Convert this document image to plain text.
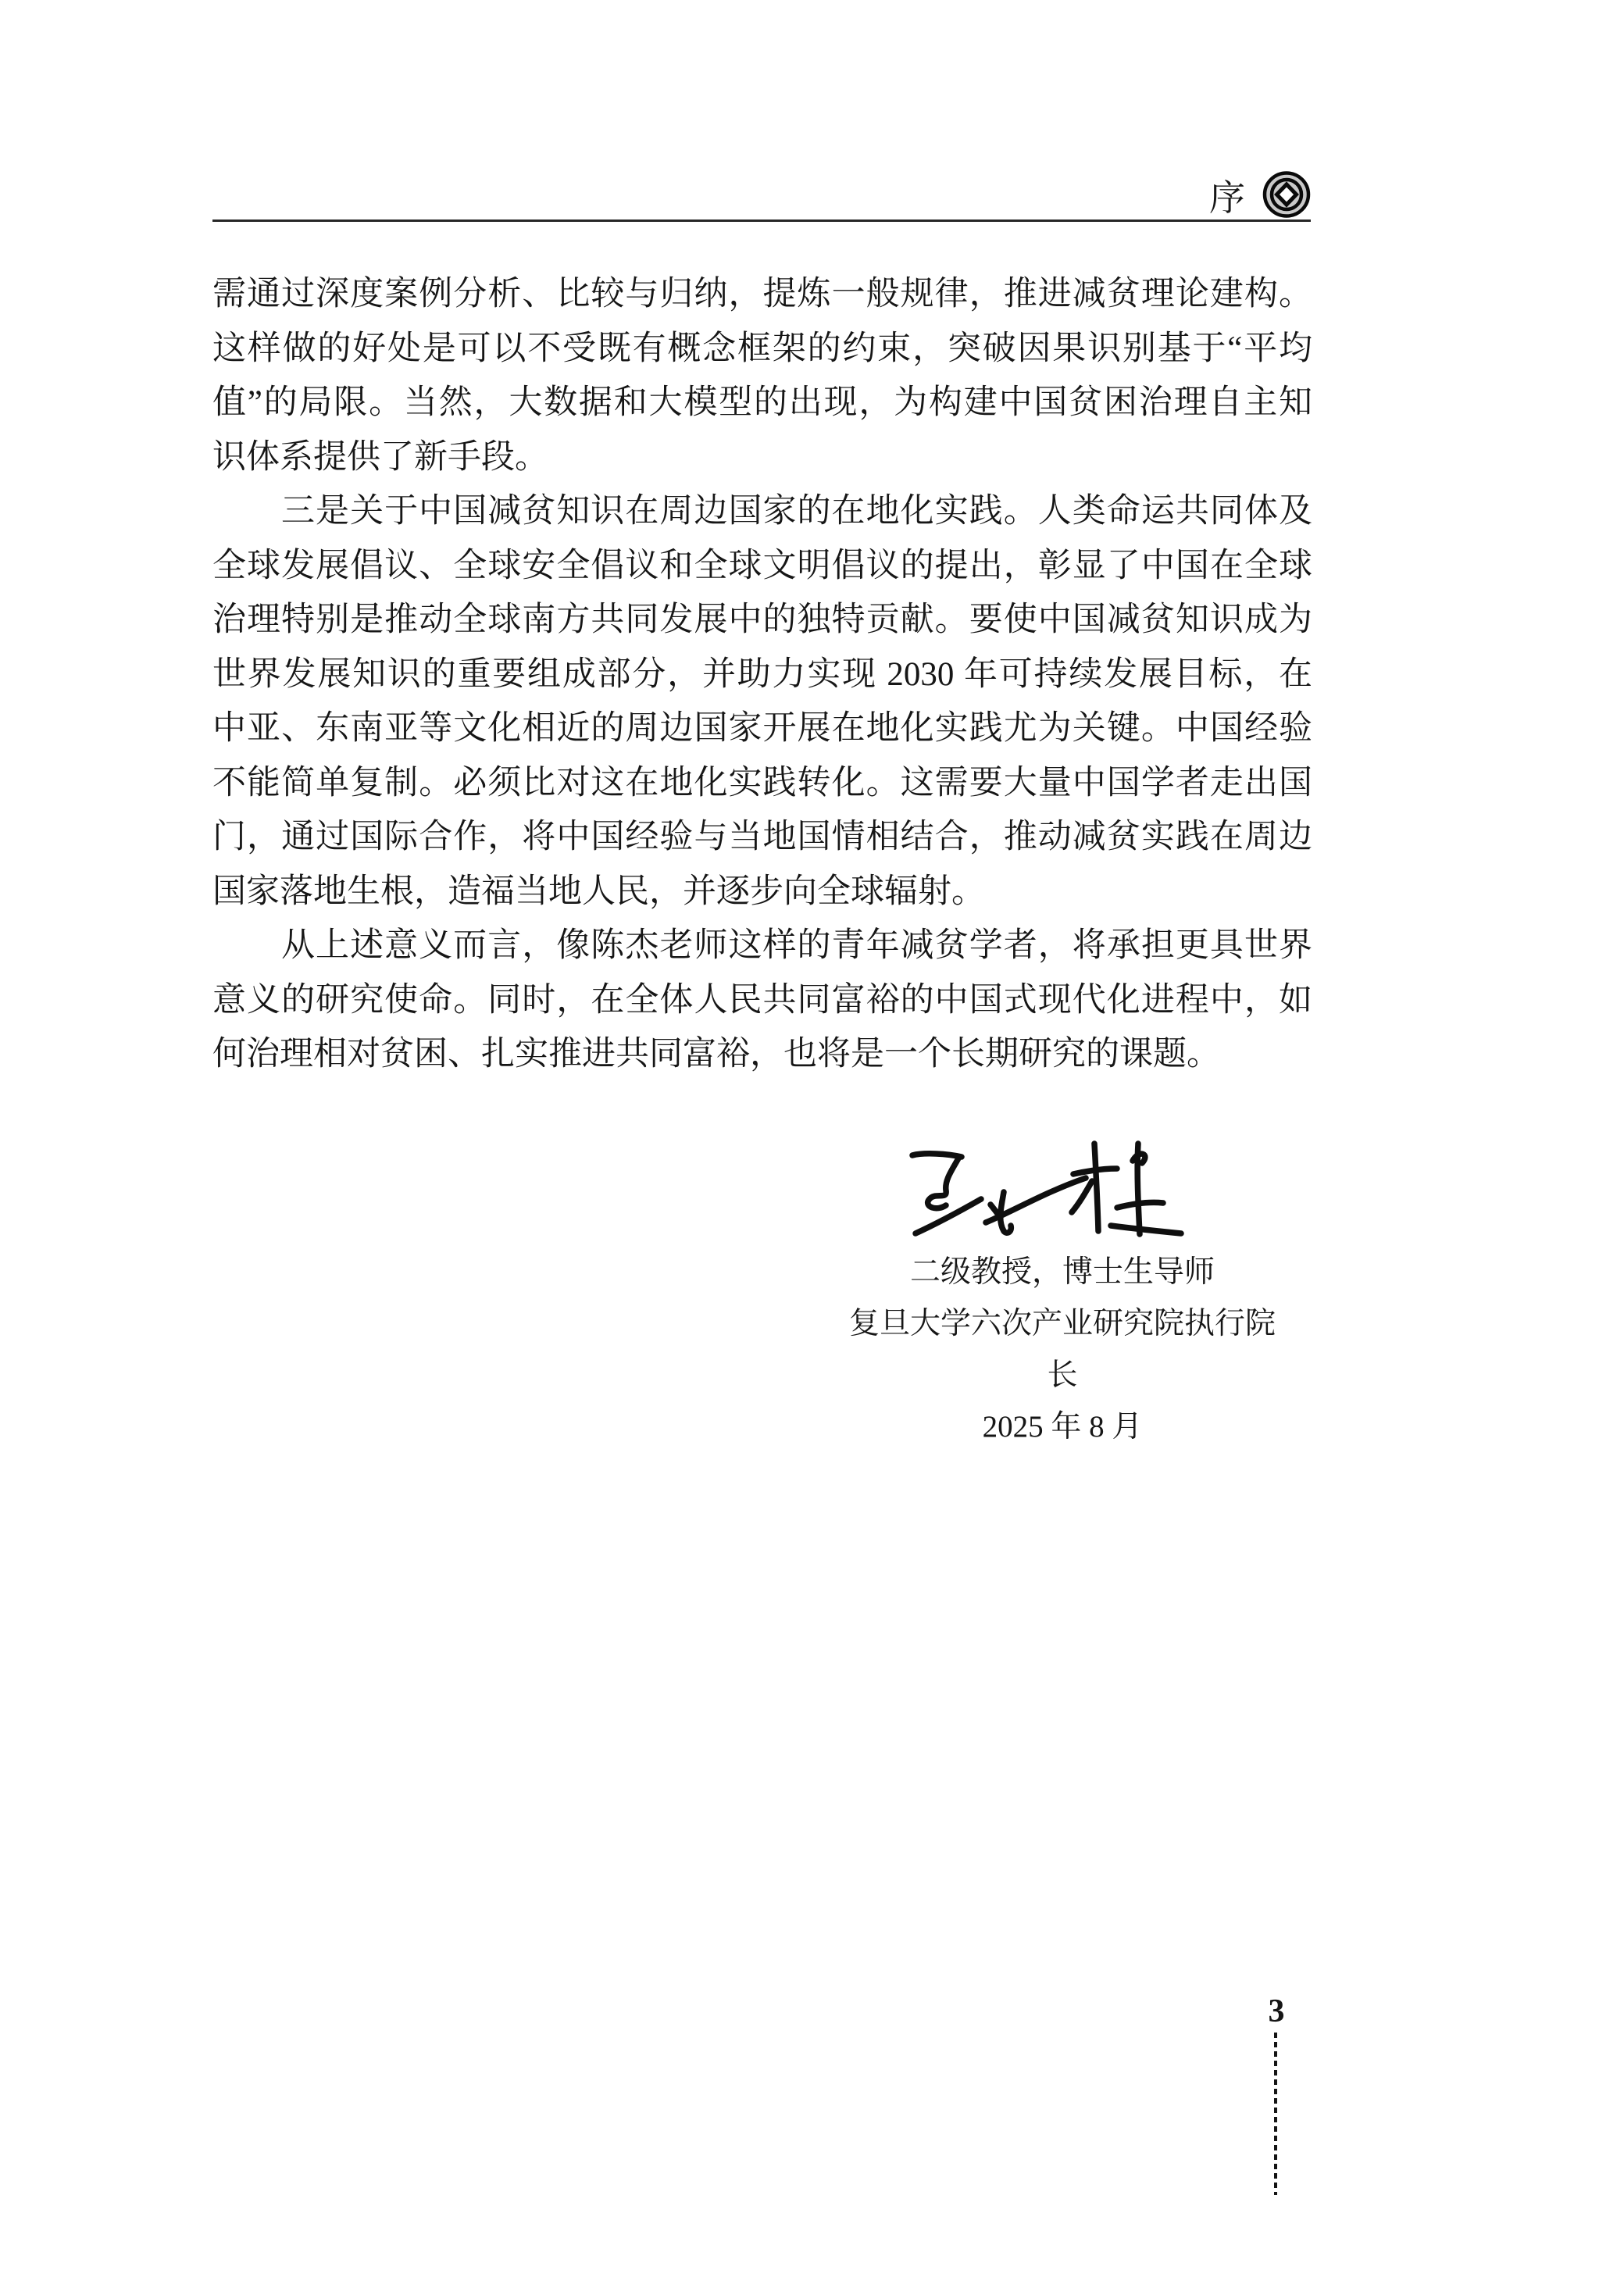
序
需通过深度案例分析、比较与归纳，提炼一般规律，推进减贫理论建构。
这样做的好处是可以不受既有概念框架的约束，突破因果识别基于“平均
值”的局限。当然，大数据和大模型的出现，为构建中国贫困治理自主知
识体系提供了新手段。
三是关于中国减贫知识在周边国家的在地化实践。人类命运共同体及
全球发展倡议、全球安全倡议和全球文明倡议的提出，彰显了中国在全球
治理特别是推动全球南方共同发展中的独特贡献。要使中国减贫知识成为
世界发展知识的重要组成部分，并助力实现 2030 年可持续发展目标，在
中亚、东南亚等文化相近的周边国家开展在地化实践尤为关键。中国经验
不能简单复制。必须比对这在地化实践转化。这需要大量中国学者走出国
门，通过国际合作，将中国经验与当地国情相结合，推动减贫实践在周边
国家落地生根，造福当地人民，并逐步向全球辐射。
从上述意义而言，像陈杰老师这样的青年减贫学者，将承担更具世界
意义的研究使命。同时，在全体人民共同富裕的中国式现代化进程中，如
何治理相对贫困、扎实推进共同富裕，也将是一个长期研究的课题。
二级教授，博士生导师
复旦大学六次产业研究院执行院长
2025 年 8 月
3
